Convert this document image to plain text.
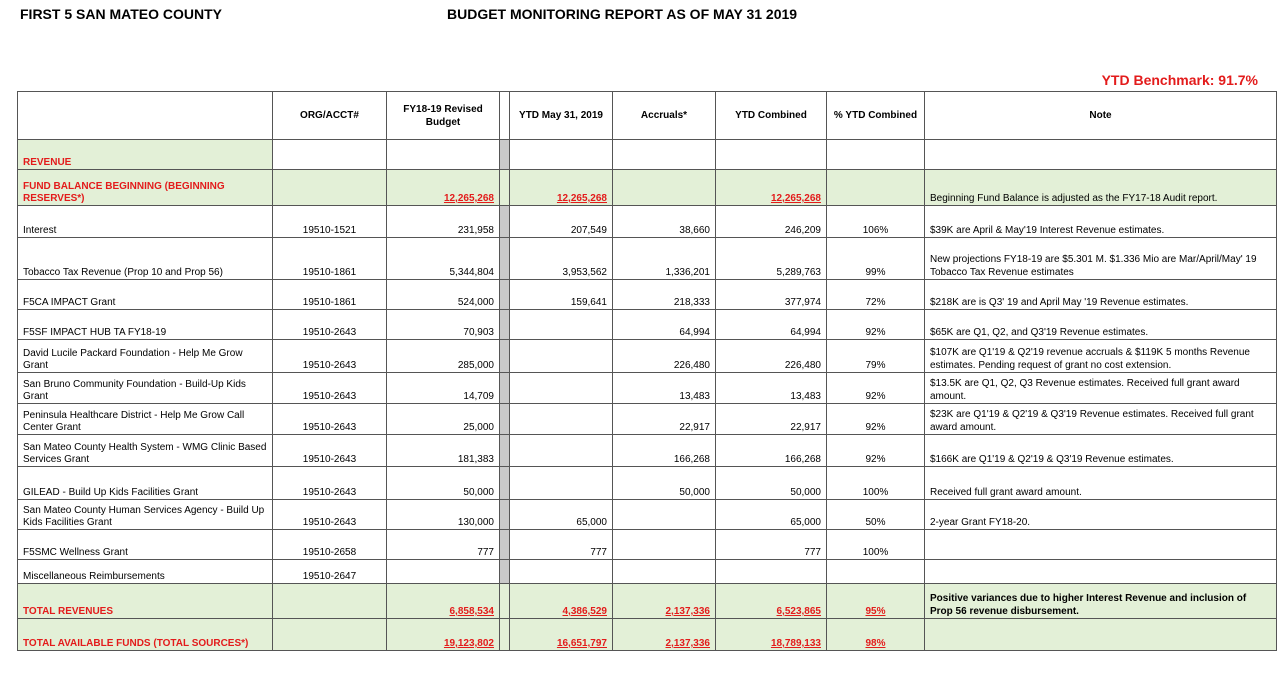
FIRST 5 SAN MATEO COUNTY	BUDGET MONITORING REPORT AS OF MAY 31 2019
YTD Benchmark: 91.7%
	ORG/ACCT#	FY18-19 Revised Budget		YTD May 31, 2019	Accruals*	YTD Combined	% YTD Combined	Note
REVENUE								
FUND BALANCE BEGINNING (BEGINNING RESERVES*)		12,265,268		12,265,268		12,265,268		Beginning Fund Balance is adjusted as the FY17-18 Audit report.
Interest	19510-1521	231,958		207,549	38,660	246,209	106%	$39K are April & May'19 Interest Revenue estimates.
Tobacco Tax Revenue (Prop 10 and Prop 56)	19510-1861	5,344,804		3,953,562	1,336,201	5,289,763	99%	New projections FY18-19 are $5.301 M. $1.336 Mio are Mar/April/May' 19 Tobacco Tax Revenue estimates
F5CA IMPACT Grant	19510-1861	524,000		159,641	218,333	377,974	72%	$218K are is Q3' 19 and April May '19 Revenue estimates.
F5SF IMPACT HUB TA FY18-19	19510-2643	70,903			64,994	64,994	92%	$65K are Q1, Q2, and Q3'19 Revenue estimates.
David Lucile Packard Foundation - Help Me Grow Grant	19510-2643	285,000			226,480	226,480	79%	$107K are Q1'19 & Q2'19 revenue accruals & $119K 5 months Revenue estimates. Pending request of grant no cost extension.
San Bruno Community Foundation - Build-Up Kids Grant	19510-2643	14,709			13,483	13,483	92%	$13.5K are Q1, Q2, Q3 Revenue estimates. Received full grant award amount.
Peninsula Healthcare District - Help Me Grow Call Center Grant	19510-2643	25,000			22,917	22,917	92%	$23K are Q1'19 & Q2'19 & Q3'19 Revenue estimates. Received full grant award amount.
San Mateo County Health System - WMG Clinic Based Services Grant	19510-2643	181,383			166,268	166,268	92%	$166K are Q1'19 & Q2'19 & Q3'19 Revenue estimates.
GILEAD - Build Up Kids Facilities Grant	19510-2643	50,000			50,000	50,000	100%	Received full grant award amount.
San Mateo County Human Services Agency - Build Up Kids Facilities Grant	19510-2643	130,000		65,000		65,000	50%	2-year Grant FY18-20.
F5SMC Wellness Grant	19510-2658	777		777		777	100%	
Miscellaneous Reimbursements	19510-2647							
TOTAL REVENUES		6,858,534		4,386,529	2,137,336	6,523,865	95%	Positive variances due to higher Interest Revenue and inclusion of Prop 56 revenue disbursement.
TOTAL AVAILABLE FUNDS (TOTAL SOURCES*)		19,123,802		16,651,797	2,137,336	18,789,133	98%	
